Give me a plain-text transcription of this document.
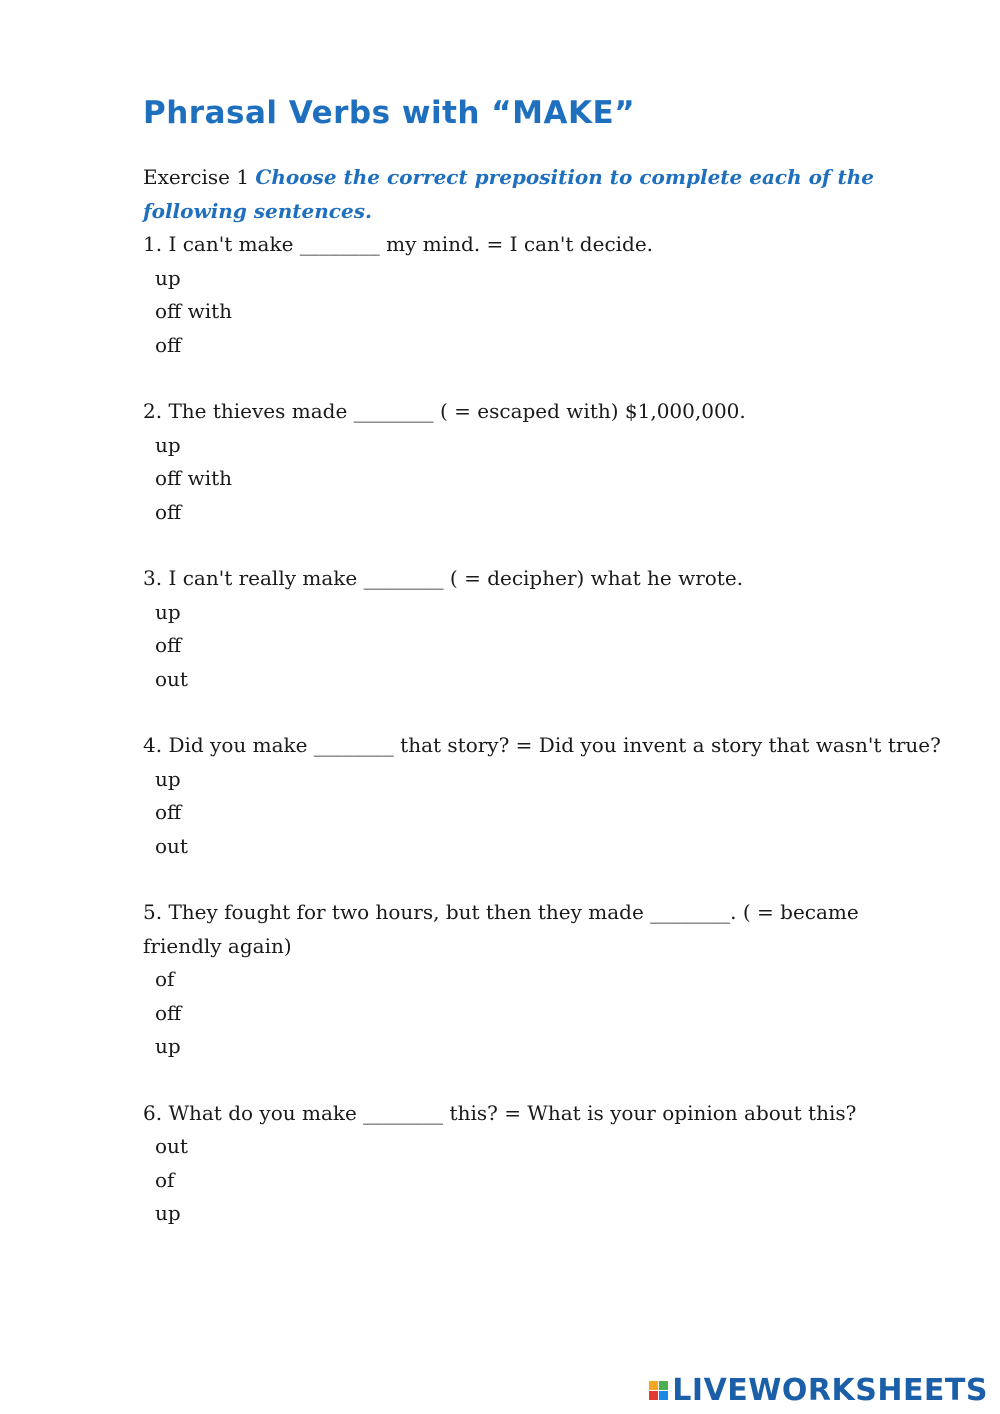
Phrasal Verbs with “MAKE”

Exercise 1 Choose the correct preposition to complete each of the following sentences.

1. I can't make ________ my mind. = I can't decide.

up

off with

off

2. The thieves made ________ ( = escaped with) $1,000,000.

up

off with

off

3. I can't really make ________ ( = decipher) what he wrote.

up

off

out

4. Did you make ________ that story? = Did you invent a story that wasn't true?

up

off

out

5. They fought for two hours, but then they made ________. ( = became friendly again)

of

off

up

6. What do you make ________ this? = What is your opinion about this?

out

of

up

LIVEWORKSHEETS
